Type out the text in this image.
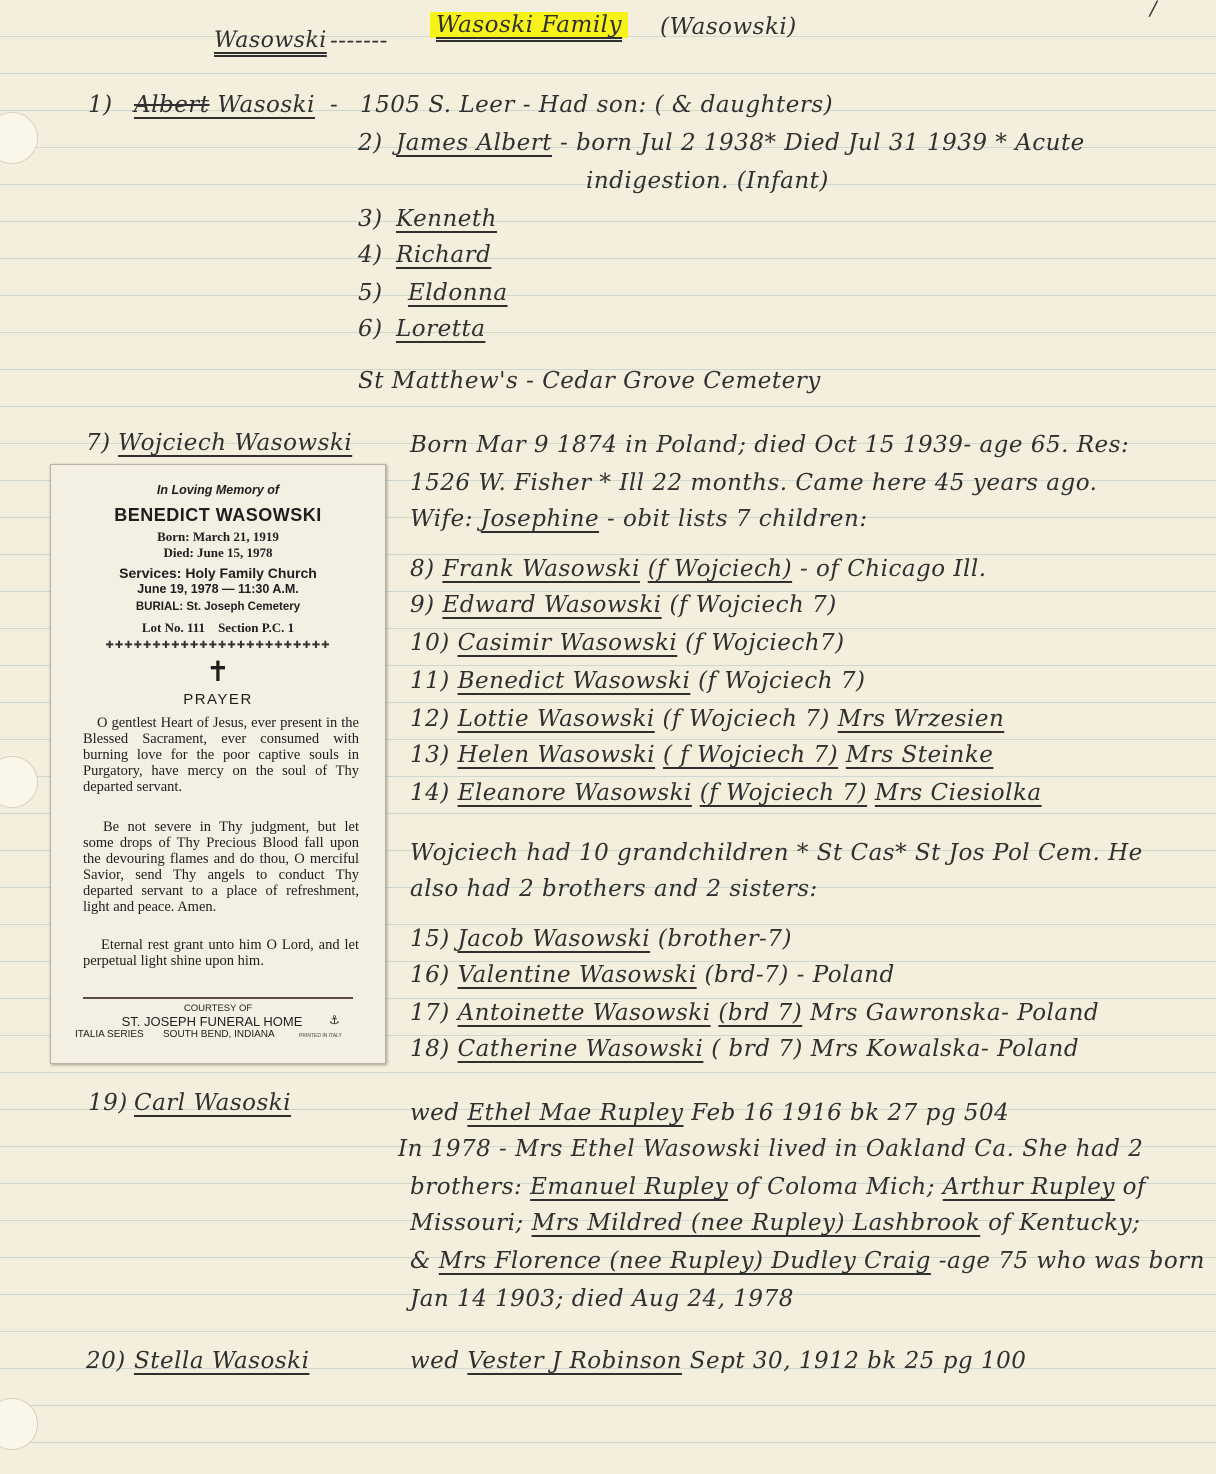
/
Wasowski -------
Wasoski Family (Wasowski)
1) Albert Wasoski - 1505 S. Leer - Had son: ( & daughters)
2) James Albert - born Jul 2 1938* Died Jul 31 1939 * Acute
indigestion. (Infant)
3) Kenneth
4) Richard
5) Eldonna
6) Loretta
St Matthew's - Cedar Grove Cemetery
7) Wojciech Wasowski	Born Mar 9 1874 in Poland; died Oct 15 1939- age 65. Res:
1526 W. Fisher * Ill 22 months. Came here 45 years ago.
Wife: Josephine - obit lists 7 children:
8) Frank Wasowski (f Wojciech) - of Chicago Ill.
9) Edward Wasowski (f Wojciech 7)
10) Casimir Wasowski (f Wojciech7)
11) Benedict Wasowski (f Wojciech 7)
12) Lottie Wasowski (f Wojciech 7) Mrs Wrzesien
13) Helen Wasowski ( f Wojciech 7) Mrs Steinke
14) Eleanore Wasowski (f Wojciech 7) Mrs Ciesiolka
Wojciech had 10 grandchildren * St Cas* St Jos Pol Cem. He
also had 2 brothers and 2 sisters:
15) Jacob Wasowski (brother-7)
16) Valentine Wasowski (brd-7) - Poland
17) Antoinette Wasowski (brd 7) Mrs Gawronska- Poland
18) Catherine Wasowski ( brd 7) Mrs Kowalska- Poland
19) Carl Wasoski	wed Ethel Mae Rupley Feb 16 1916 bk 27 pg 504
In 1978 - Mrs Ethel Wasowski lived in Oakland Ca. She had 2
brothers: Emanuel Rupley of Coloma Mich; Arthur Rupley of
Missouri; Mrs Mildred (nee Rupley) Lashbrook of Kentucky;
& Mrs Florence (nee Rupley) Dudley Craig -age 75 who was born
Jan 14 1903; died Aug 24, 1978
20) Stella Wasoski	wed Vester J Robinson Sept 30, 1912 bk 25 pg 100
In Loving Memory of
BENEDICT WASOWSKI
Born: March 21, 1919
Died: June 15, 1978
Services: Holy Family Church
June 19, 1978 — 11:30 A.M.
BURIAL: St. Joseph Cemetery
Lot No. 111 Section P.C. 1
✚✚✚✚✚✚✚✚✚✚✚✚✚✚✚✚✚✚✚✚✚✚✚✚
✝
PRAYER
O gentlest Heart of Jesus, ever present in the Blessed Sacrament, ever consumed with burning love for the poor captive souls in Purgatory, have mercy on the soul of Thy departed servant.
Be not severe in Thy judgment, but let some drops of Thy Precious Blood fall upon the devouring flames and do thou, O merciful Savior, send Thy angels to conduct Thy departed servant to a place of refreshment, light and peace. Amen.
Eternal rest grant unto him O Lord, and let perpetual light shine upon him.
COURTESY OF
ST. JOSEPH FUNERAL HOME	⚓
ITALIA SERIES SOUTH BEND, INDIANA	PRINTED IN ITALY
